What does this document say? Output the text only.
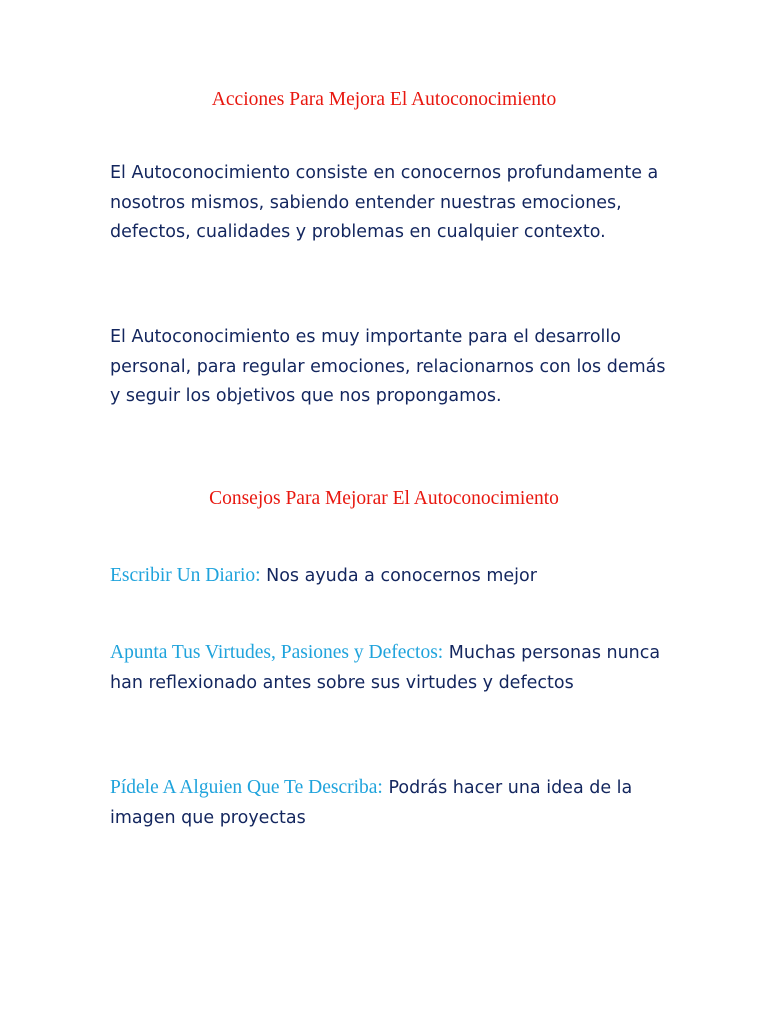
Acciones Para Mejora El Autoconocimiento

El Autoconocimiento consiste en conocernos profundamente a nosotros mismos, sabiendo entender nuestras emociones, defectos, cualidades y problemas en cualquier contexto.

El Autoconocimiento es muy importante para el desarrollo personal, para regular emociones, relacionarnos con los demás y seguir los objetivos que nos propongamos.

Consejos Para Mejorar El Autoconocimiento

Escribir Un Diario: Nos ayuda a conocernos mejor

Apunta Tus Virtudes, Pasiones y Defectos: Muchas personas nunca han reflexionado antes sobre sus virtudes y defectos

Pídele A Alguien Que Te Describa: Podrás hacer una idea de la imagen que proyectas
